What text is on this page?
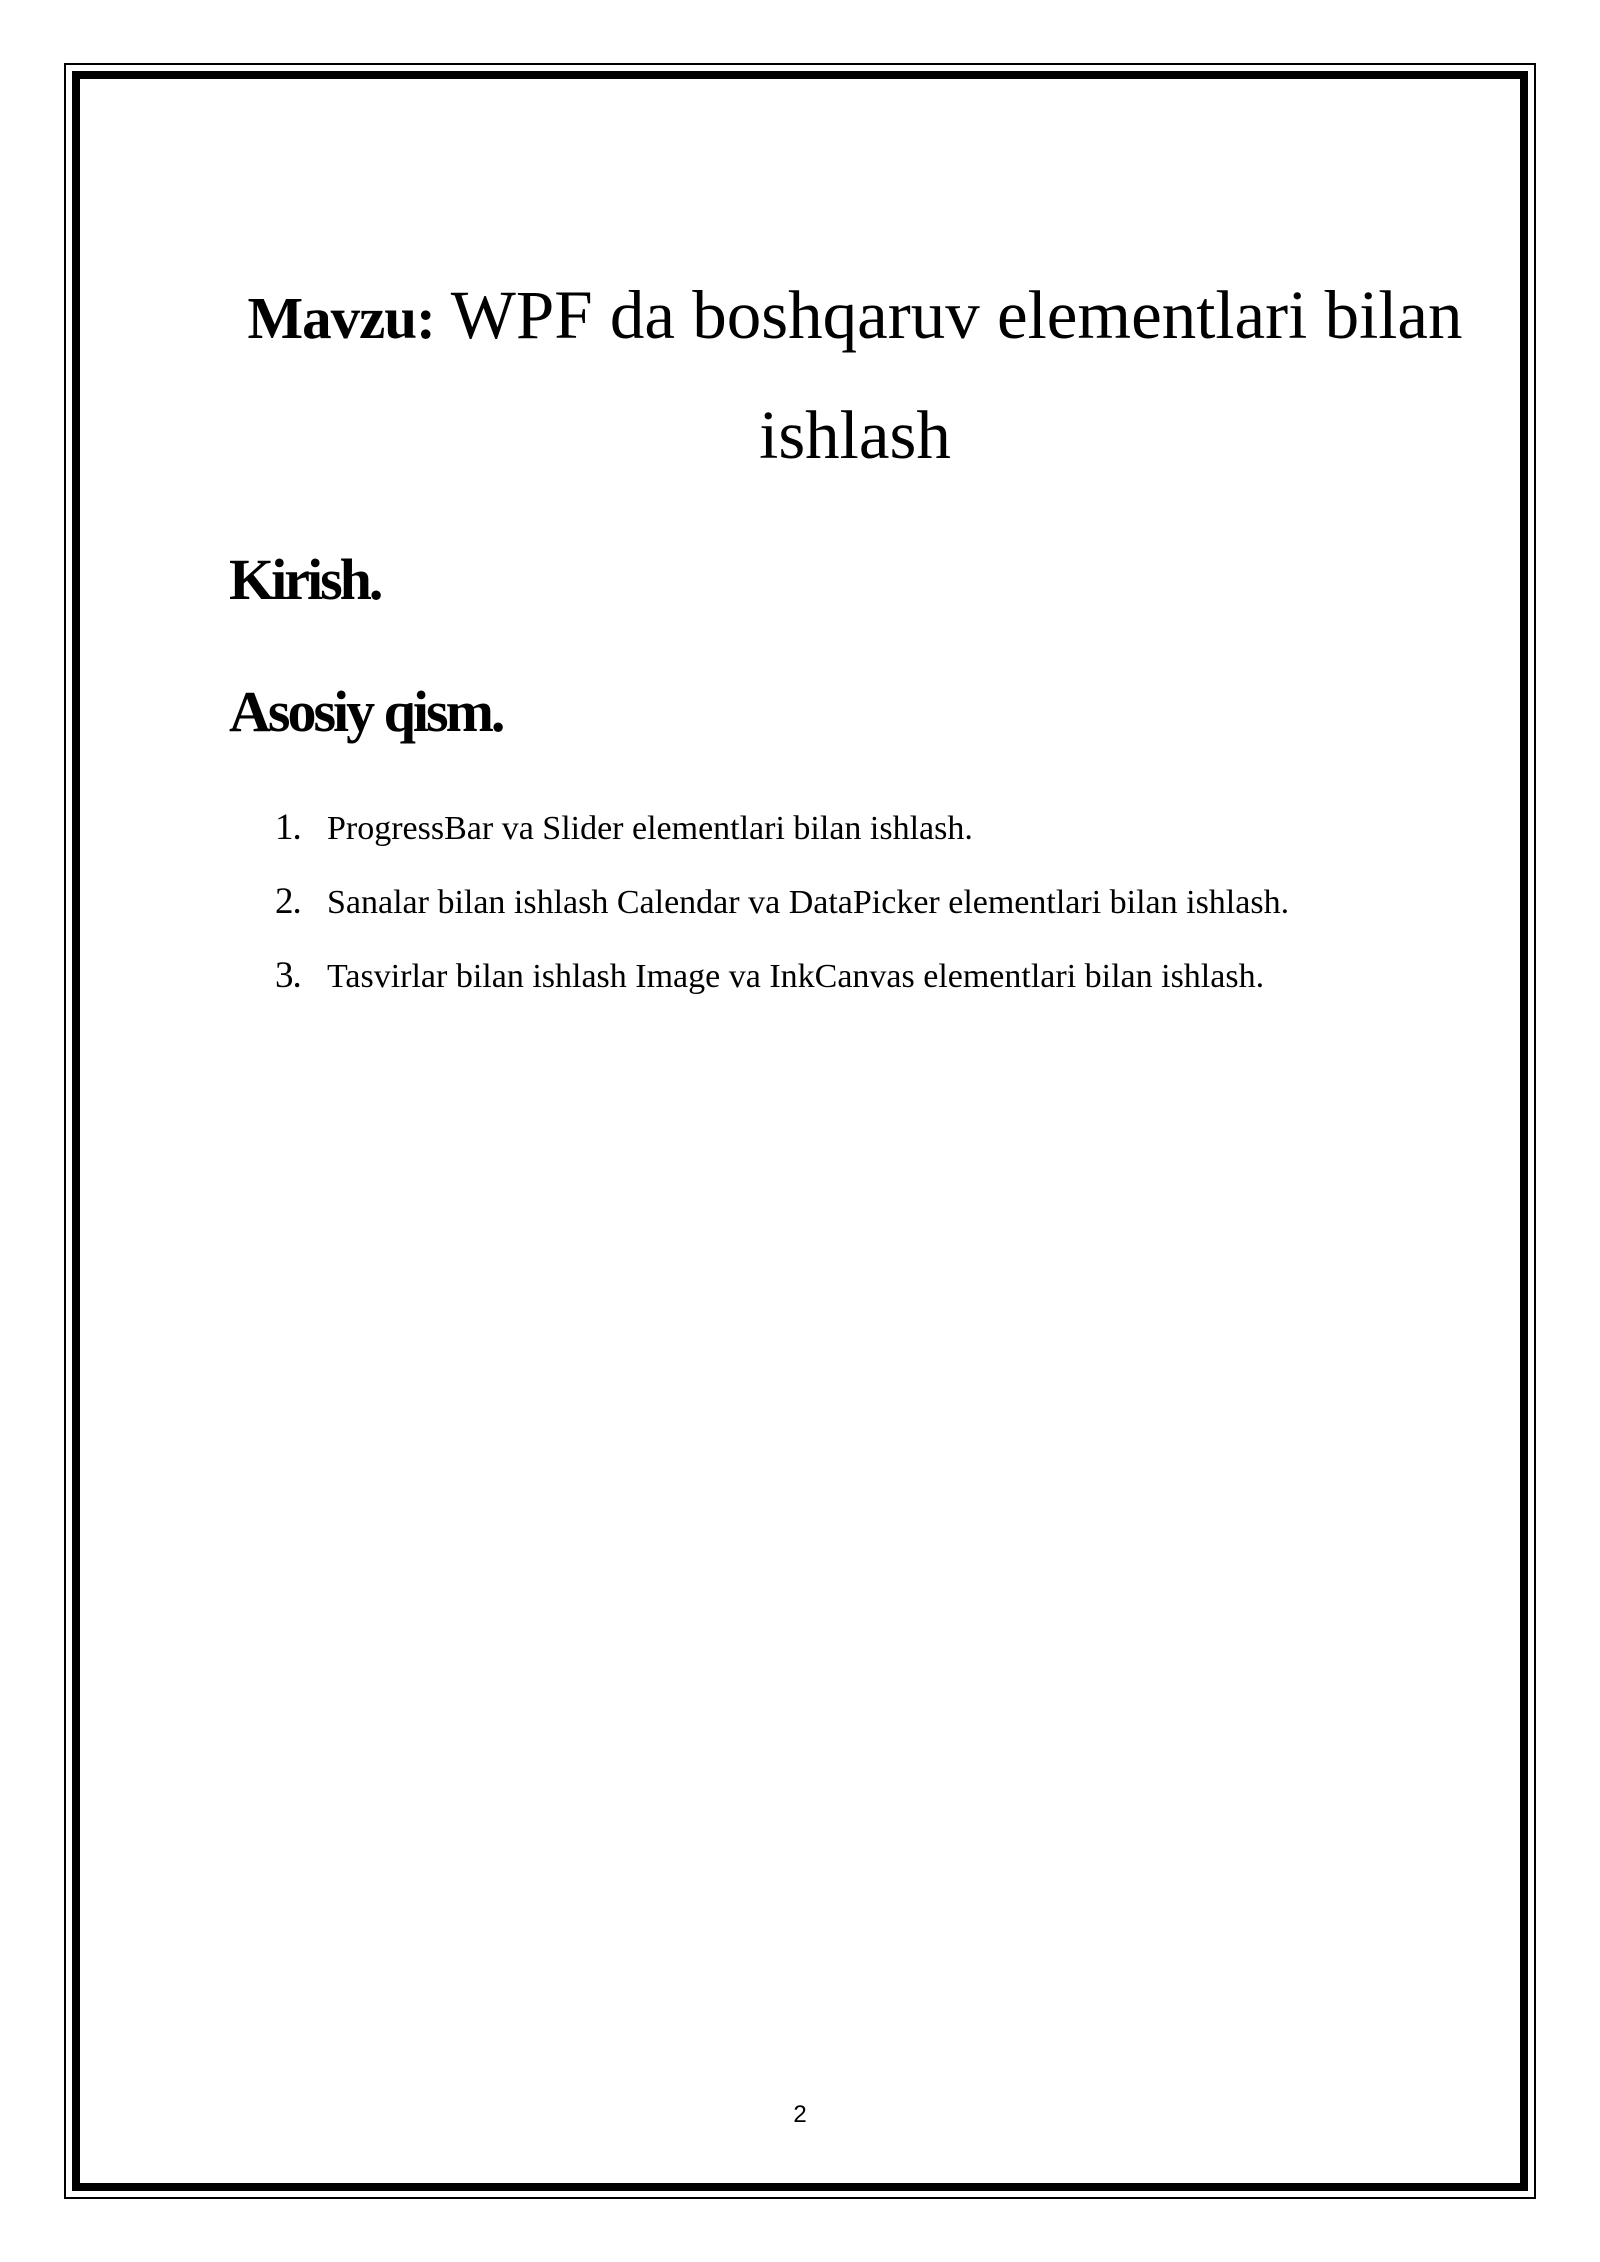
Mavzu: WPF da boshqaruv elementlari bilan
ishlash
Kirish.
Asosiy qism.
1. ProgressBar va Slider elementlari bilan ishlash.
2. Sanalar bilan ishlash Calendar va DataPicker elementlari bilan ishlash.
3. Tasvirlar bilan ishlash Image va InkCanvas elementlari bilan ishlash.
2
